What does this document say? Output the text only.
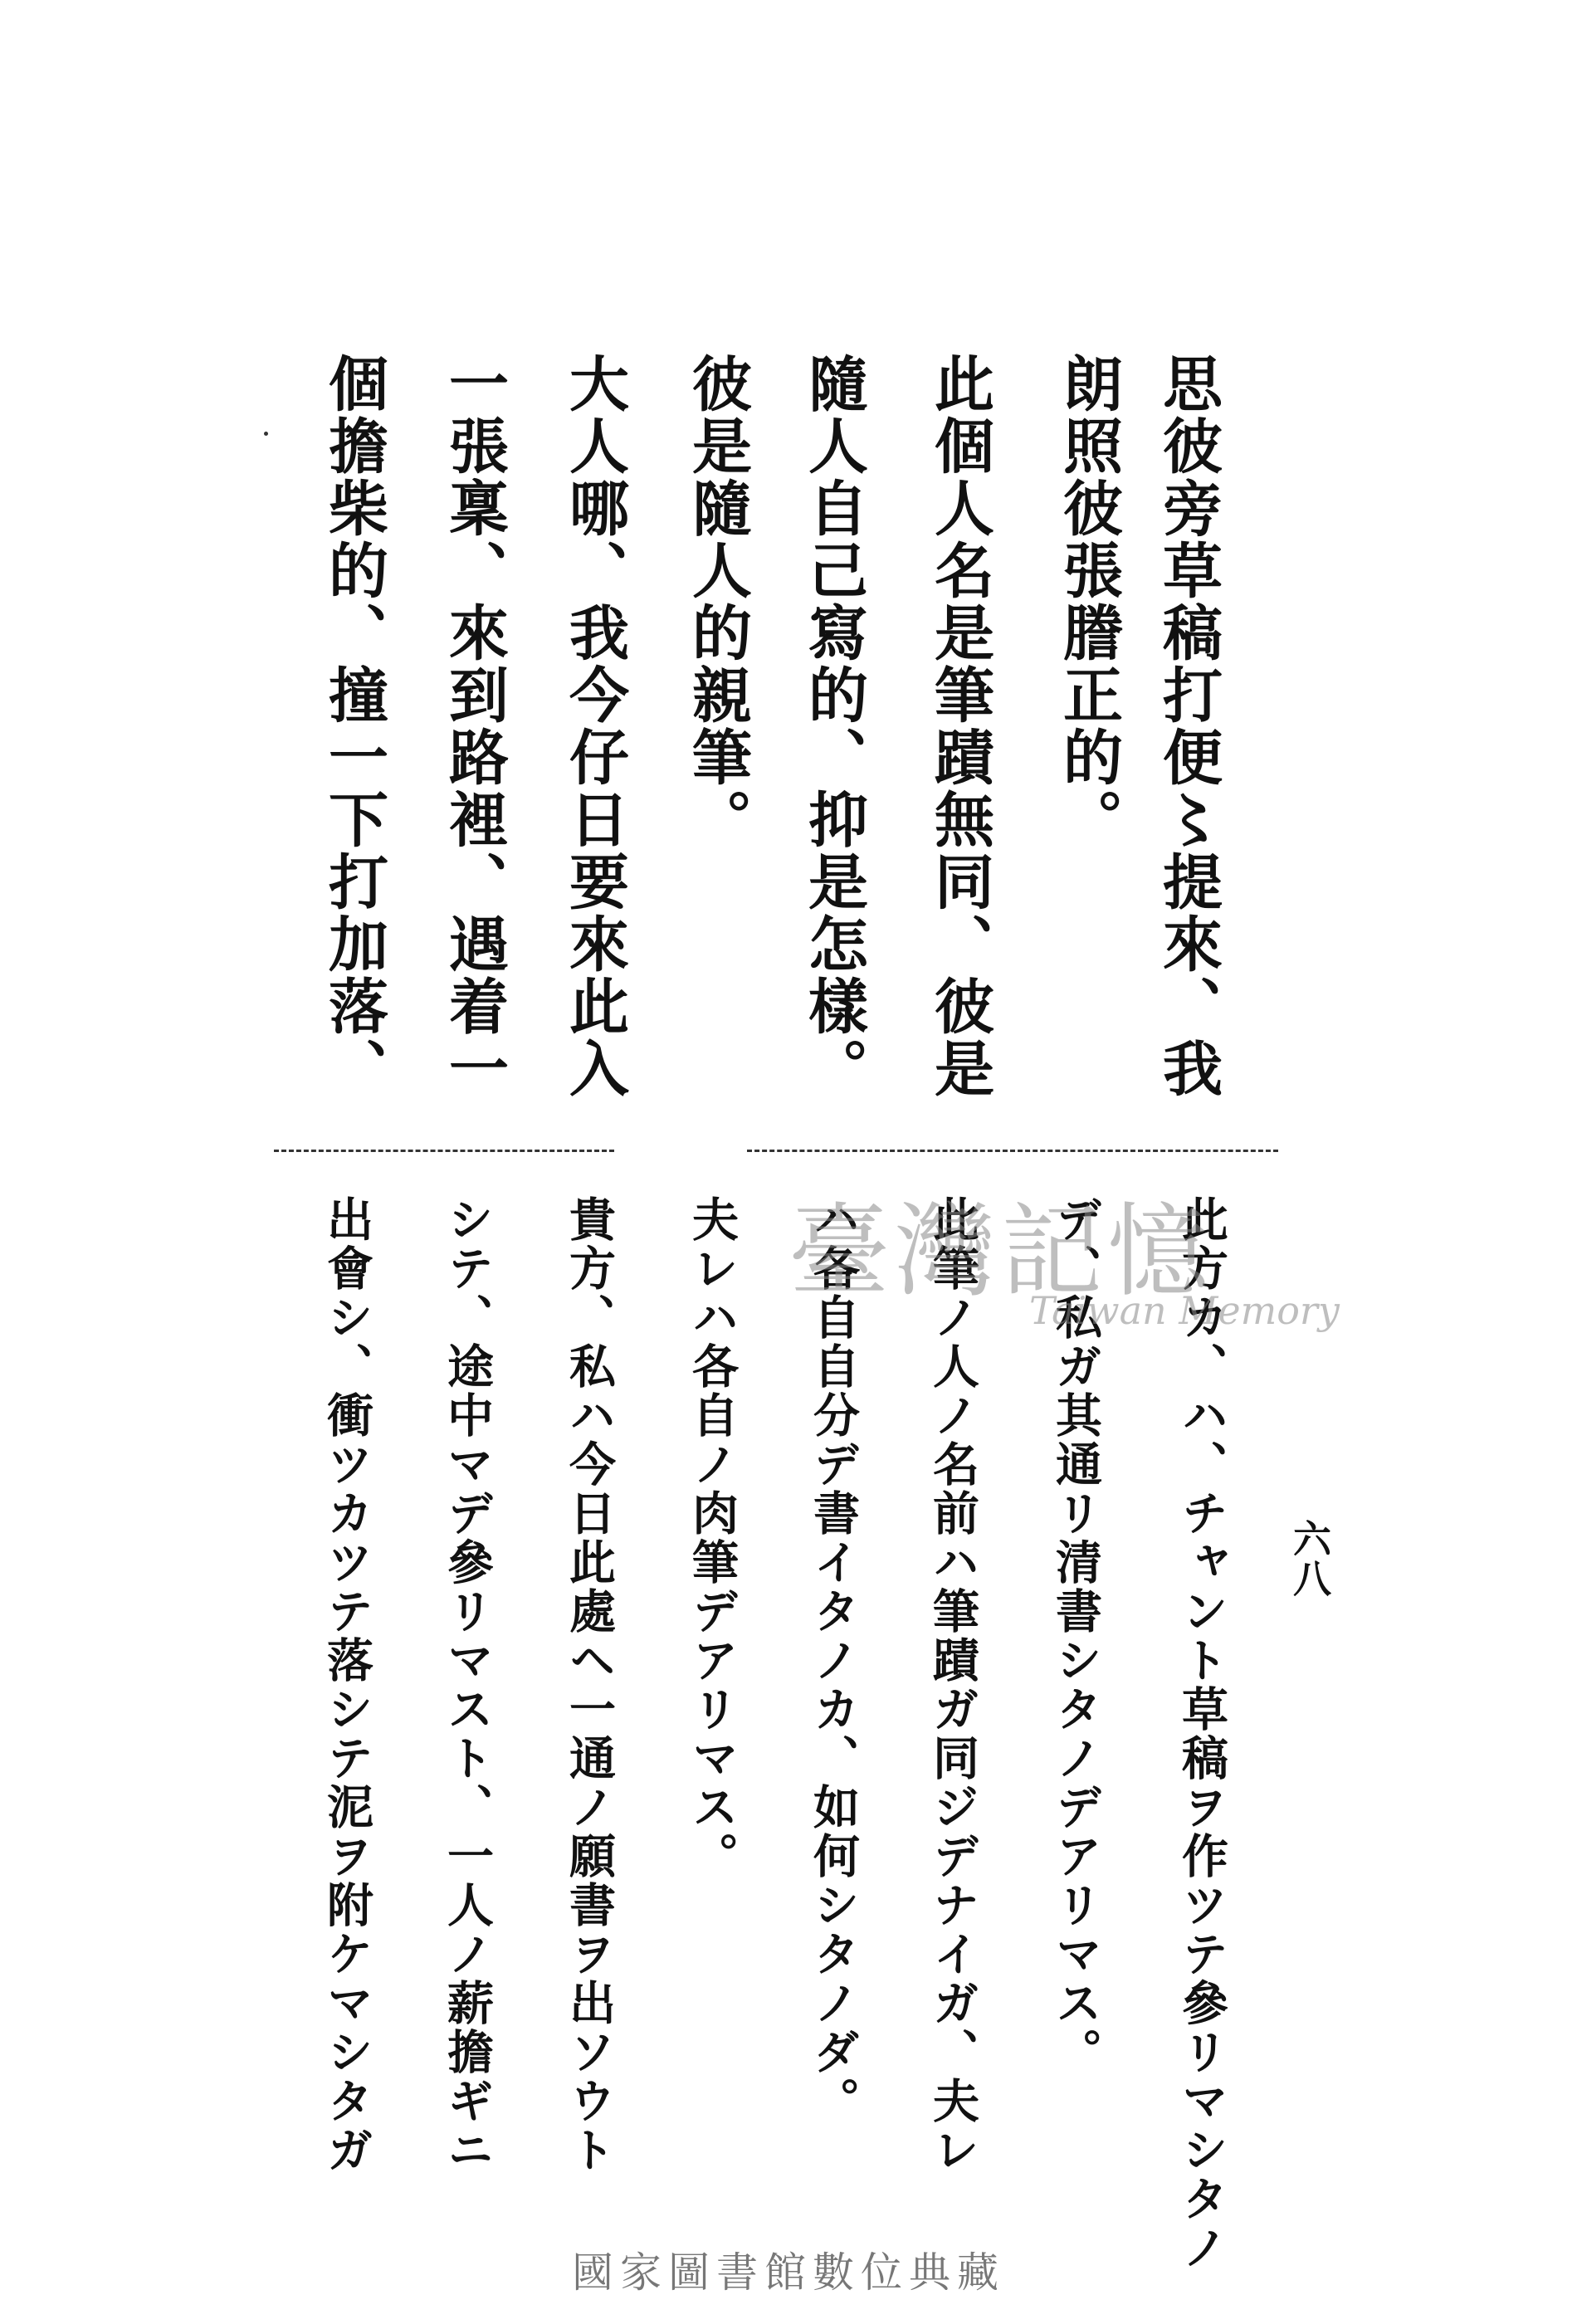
思彼旁草稿打便〻提來、我

朗照彼張謄正的。

此個人名是筆蹟無同、彼是

隨人自己寫的、抑是怎樣。

彼是隨人的親筆。

大人哪、我今仔日要來此入

一張稟、來到路裡、遇着一

個擔柴的、撞一下打加落、

此方カ、ハ、チャント草稿ヲ作ツテ參リマシタノ

デ、私ガ其通リ清書シタノデアリマス。

此筆ノ人ノ名前ハ筆蹟ガ同ジデナイガ、夫レ

ハ各自自分デ書イタノカ、如何シタノダ。

夫レハ各自ノ肉筆デアリマス。

貴方、私ハ今日此處ヘ一通ノ願書ヲ出ソウト

シテ、途中マデ參リマスト、一人ノ薪擔ギニ

出會シ、衝ツカツテ落シテ泥ヲ附ケマシタガ	六八
臺灣記憶
Taiwan Memory
國家圖書館數位典藏
